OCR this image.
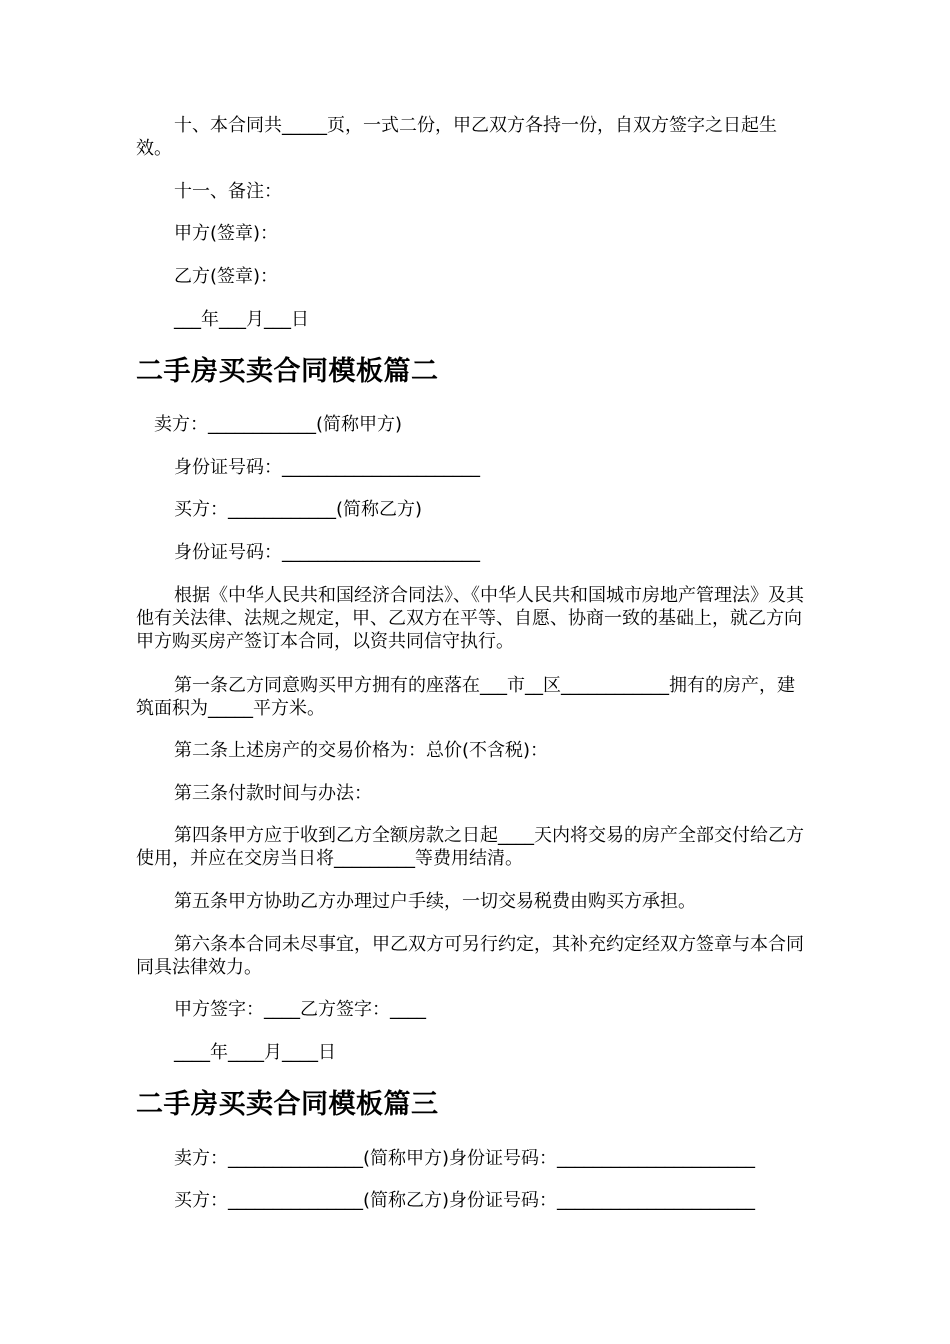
十、本合同共_____页，一式二份，甲乙双方各持一份，自双方签字之日起生效。

十一、备注：

甲方(签章)：

乙方(签章)：

___年___月___日

二手房买卖合同模板篇二

卖方：____________(简称甲方)

身份证号码：______________________

买方：____________(简称乙方)

身份证号码：______________________

根据《中华人民共和国经济合同法》、《中华人民共和国城市房地产管理法》及其他有关法律、法规之规定，甲、乙双方在平等、自愿、协商一致的基础上，就乙方向甲方购买房产签订本合同，以资共同信守执行。

第一条乙方同意购买甲方拥有的座落在___市__区____________拥有的房产，建筑面积为_____平方米。

第二条上述房产的交易价格为：总价(不含税)：

第三条付款时间与办法：

第四条甲方应于收到乙方全额房款之日起____天内将交易的房产全部交付给乙方使用，并应在交房当日将_________等费用结清。

第五条甲方协助乙方办理过户手续，一切交易税费由购买方承担。

第六条本合同未尽事宜，甲乙双方可另行约定，其补充约定经双方签章与本合同同具法律效力。

甲方签字：____乙方签字：____

____年____月____日

二手房买卖合同模板篇三

卖方：_______________(简称甲方)身份证号码：______________________

买方：_______________(简称乙方)身份证号码：______________________
